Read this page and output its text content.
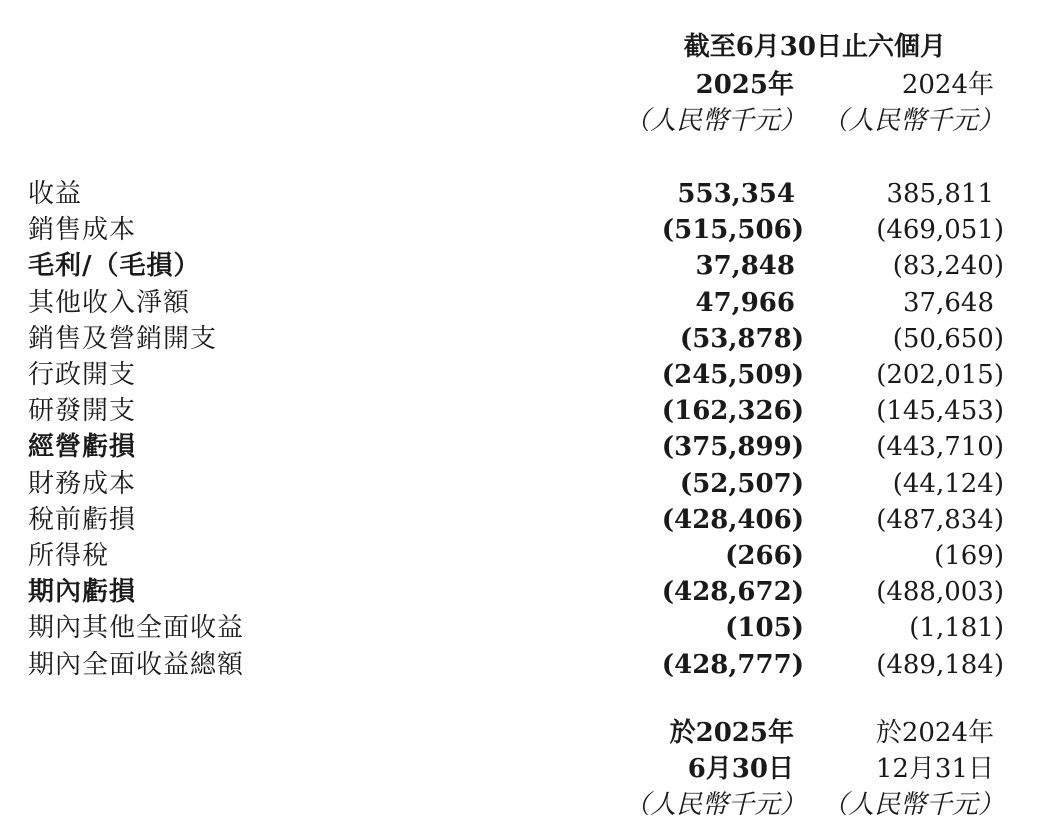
截至6月30日止六個月
2025年	2024年
（人民幣千元） （人民幣千元）
收益	553,354	385,811
銷售成本	(515,506)	(469,051)
毛利/（毛損）	37,848	(83,240)
其他收入淨額	47,966	37,648
銷售及營銷開支	(53,878)	(50,650)
行政開支	(245,509)	(202,015)
研發開支	(162,326)	(145,453)
經營虧損	(375,899)	(443,710)
財務成本	(52,507)	(44,124)
稅前虧損	(428,406)	(487,834)
所得稅	(266)	(169)
期內虧損	(428,672)	(488,003)
期內其他全面收益	(105)	(1,181)
期內全面收益總額	(428,777)	(489,184)
於2025年	於2024年
6月30日	12月31日
（人民幣千元） （人民幣千元）
